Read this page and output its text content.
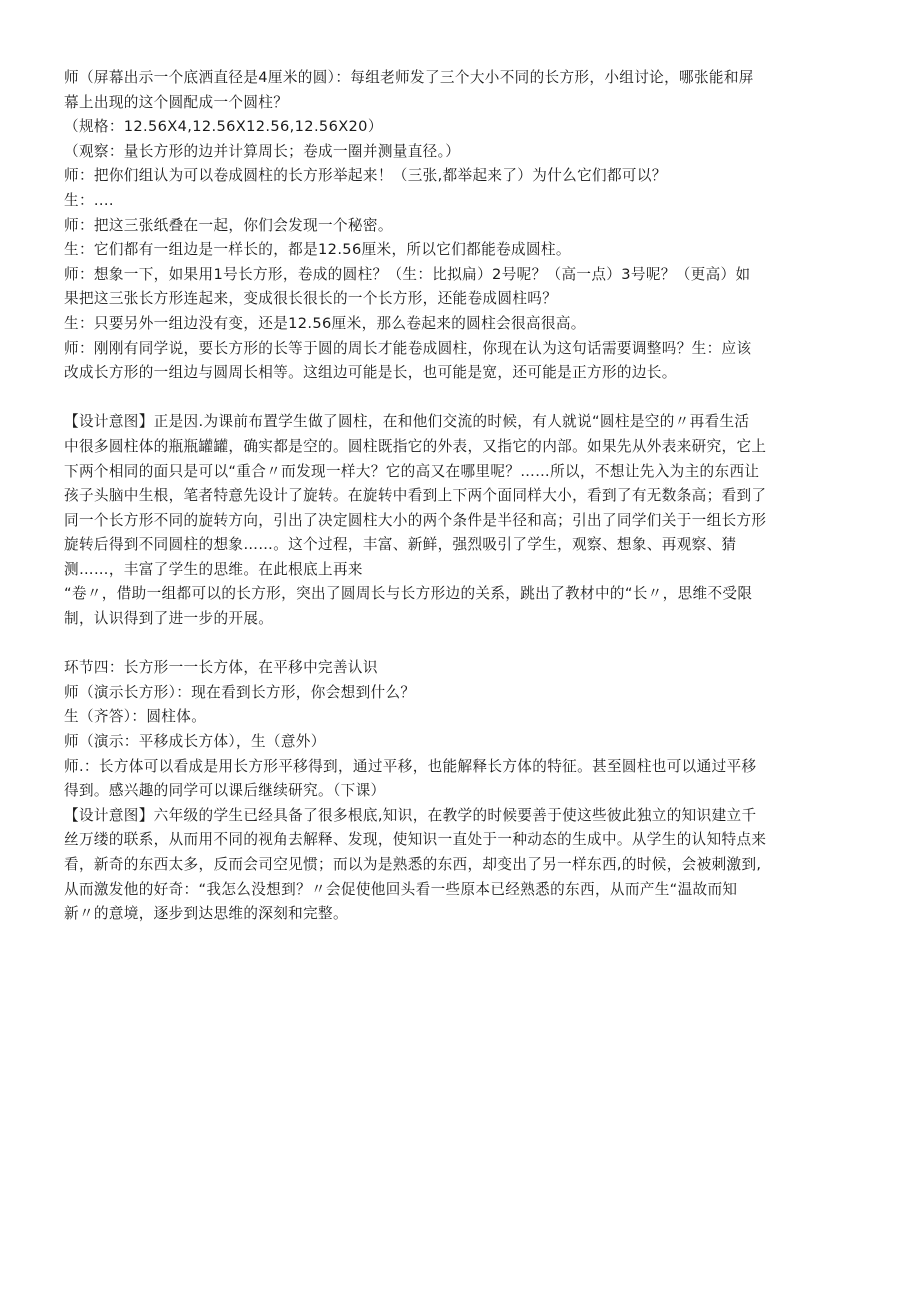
师（屏幕出示一个底洒直径是4厘米的圆）：每组老师发了三个大小不同的长方形，小组讨论，哪张能和屏
幕上出现的这个圆配成一个圆柱？
（规格：12.56X4,12.56X12.56,12.56X20）
（观察：量长方形的边并计算周长；卷成一圈并测量直径。）
师：把你们组认为可以卷成圆柱的长方形举起来！（三张,都举起来了）为什么它们都可以？
生：....
师：把这三张纸叠在一起，你们会发现一个秘密。
生：它们都有一组边是一样长的，都是12.56厘米，所以它们都能卷成圆柱。
师：想象一下，如果用1号长方形，卷成的圆柱？（生：比拟扁）2号呢？（高一点）3号呢？（更高）如
果把这三张长方形连起来，变成很长很长的一个长方形，还能卷成圆柱吗？
生：只要另外一组边没有变，还是12.56厘米，那么卷起来的圆柱会很高很高。
师：刚刚有同学说，要长方形的长等于圆的周长才能卷成圆柱，你现在认为这句话需要调整吗？生：应该
改成长方形的一组边与圆周长相等。这组边可能是长，也可能是宽，还可能是正方形的边长。
【设计意图】正是因.为课前布置学生做了圆柱，在和他们交流的时候，有人就说“圆柱是空的〃再看生活
中很多圆柱体的瓶瓶罐罐，确实都是空的。圆柱既指它的外表，又指它的内部。如果先从外表来研究，它上
下两个相同的面只是可以“重合〃而发现一样大？它的高又在哪里呢？……所以，不想让先入为主的东西让
孩子头脑中生根，笔者特意先设计了旋转。在旋转中看到上下两个面同样大小，看到了有无数条高；看到了
同一个长方形不同的旋转方向，引出了决定圆柱大小的两个条件是半径和高；引出了同学们关于一组长方形
旋转后得到不同圆柱的想象……。这个过程，丰富、新鲜，强烈吸引了学生，观察、想象、再观察、猜
测……，丰富了学生的思维。在此根底上再来
“卷〃，借助一组都可以的长方形，突出了圆周长与长方形边的关系，跳出了教材中的“长〃，思维不受限
制，认识得到了进一步的开展。
环节四：长方形一一长方体，在平移中完善认识
师（演示长方形）：现在看到长方形，你会想到什么？
生（齐答）：圆柱体。
师（演示：平移成长方体），生（意外）
师.：长方体可以看成是用长方形平移得到，通过平移，也能解释长方体的特征。甚至圆柱也可以通过平移
得到。感兴趣的同学可以课后继续研究。（下课）
【设计意图】六年级的学生已经具备了很多根底,知识，在教学的时候要善于使这些彼此独立的知识建立千
丝万缕的联系，从而用不同的视角去解释、发现，使知识一直处于一种动态的生成中。从学生的认知特点来
看，新奇的东西太多，反而会司空见惯；而以为是熟悉的东西，却变出了另一样东西,的时候，会被刺激到,
从而激发他的好奇：“我怎么没想到？〃会促使他回头看一些原本已经熟悉的东西，从而产生“温故而知
新〃的意境，逐步到达思维的深刻和完整。
